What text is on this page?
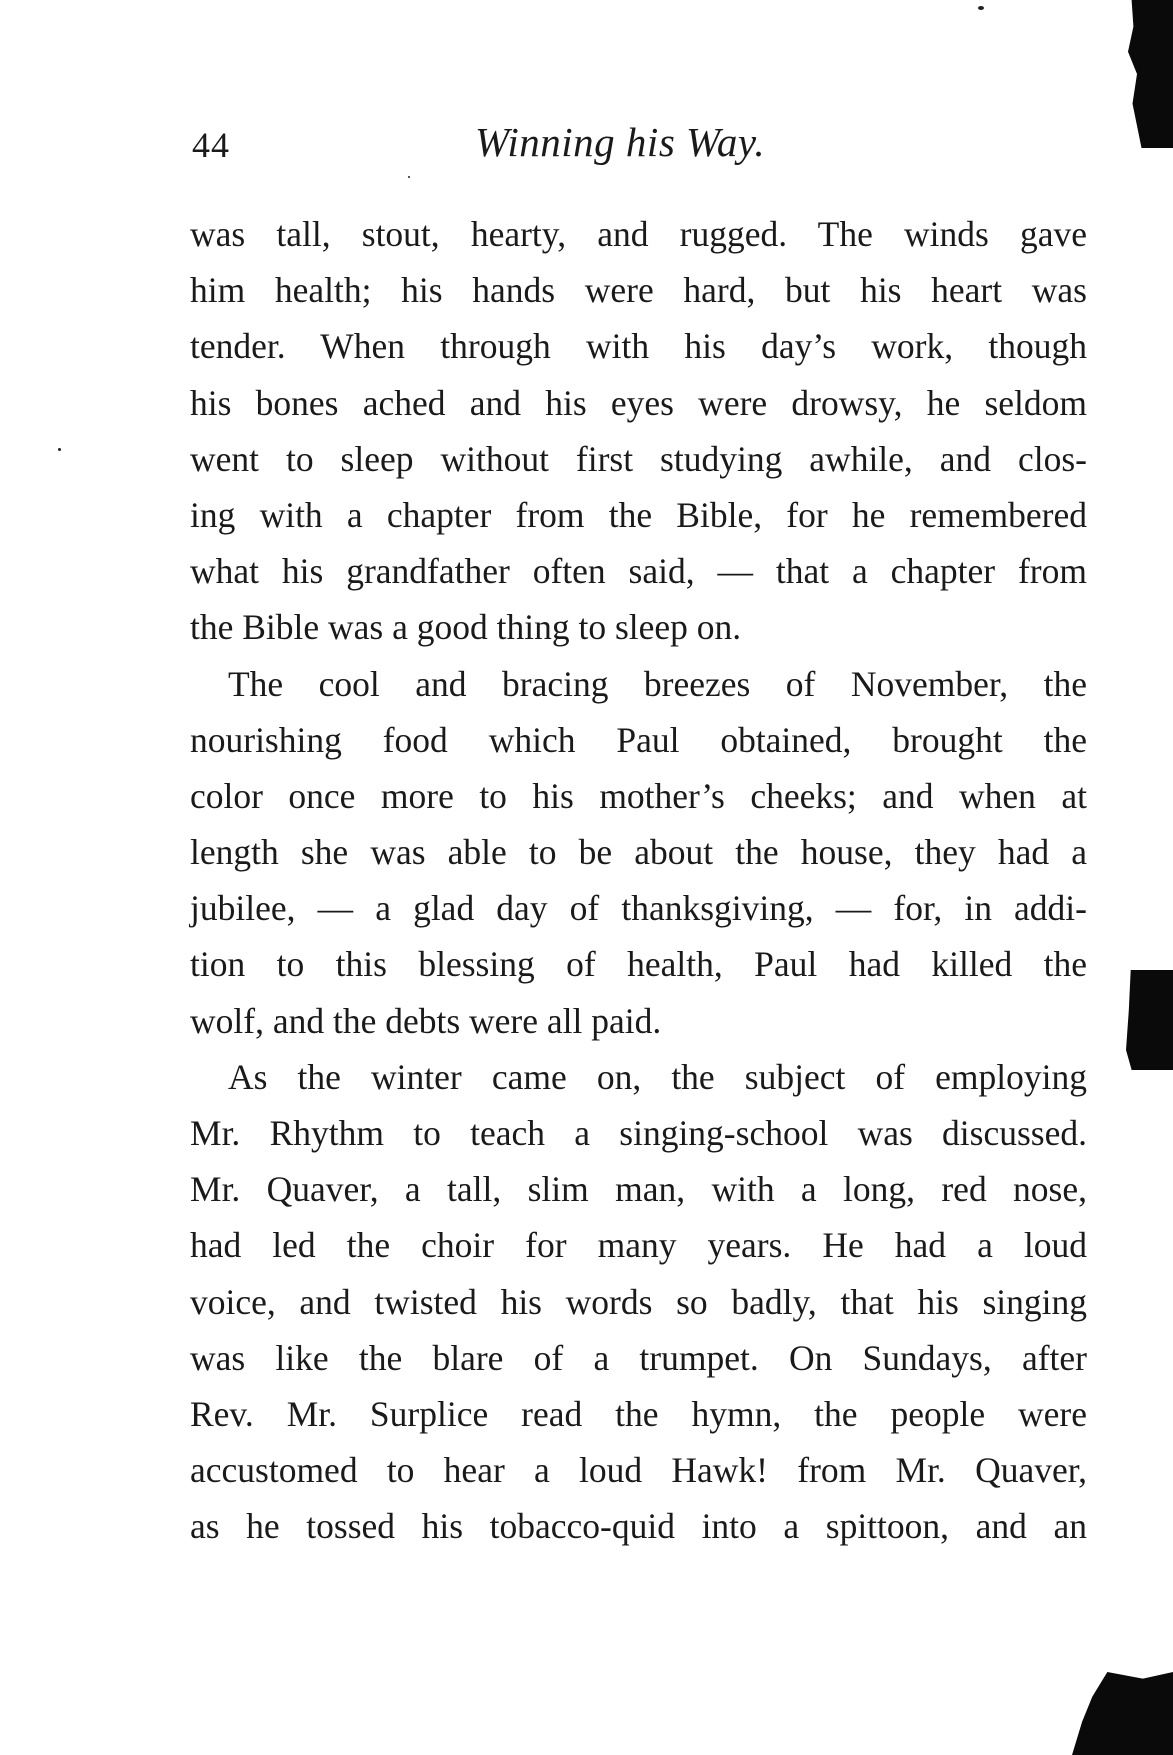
44	Winning his Way.
was tall, stout, hearty, and rugged. The winds gave
him health; his hands were hard, but his heart was
tender. When through with his day’s work, though
his bones ached and his eyes were drowsy, he seldom
went to sleep without first studying awhile, and clos-
ing with a chapter from the Bible, for he remembered
what his grandfather often said, — that a chapter from
the Bible was a good thing to sleep on.
The cool and bracing breezes of November, the
nourishing food which Paul obtained, brought the
color once more to his mother’s cheeks; and when at
length she was able to be about the house, they had a
jubilee, — a glad day of thanksgiving, — for, in addi-
tion to this blessing of health, Paul had killed the
wolf, and the debts were all paid.
As the winter came on, the subject of employing
Mr. Rhythm to teach a singing-school was discussed.
Mr. Quaver, a tall, slim man, with a long, red nose,
had led the choir for many years. He had a loud
voice, and twisted his words so badly, that his singing
was like the blare of a trumpet. On Sundays, after
Rev. Mr. Surplice read the hymn, the people were
accustomed to hear a loud Hawk! from Mr. Quaver,
as he tossed his tobacco-quid into a spittoon, and an
